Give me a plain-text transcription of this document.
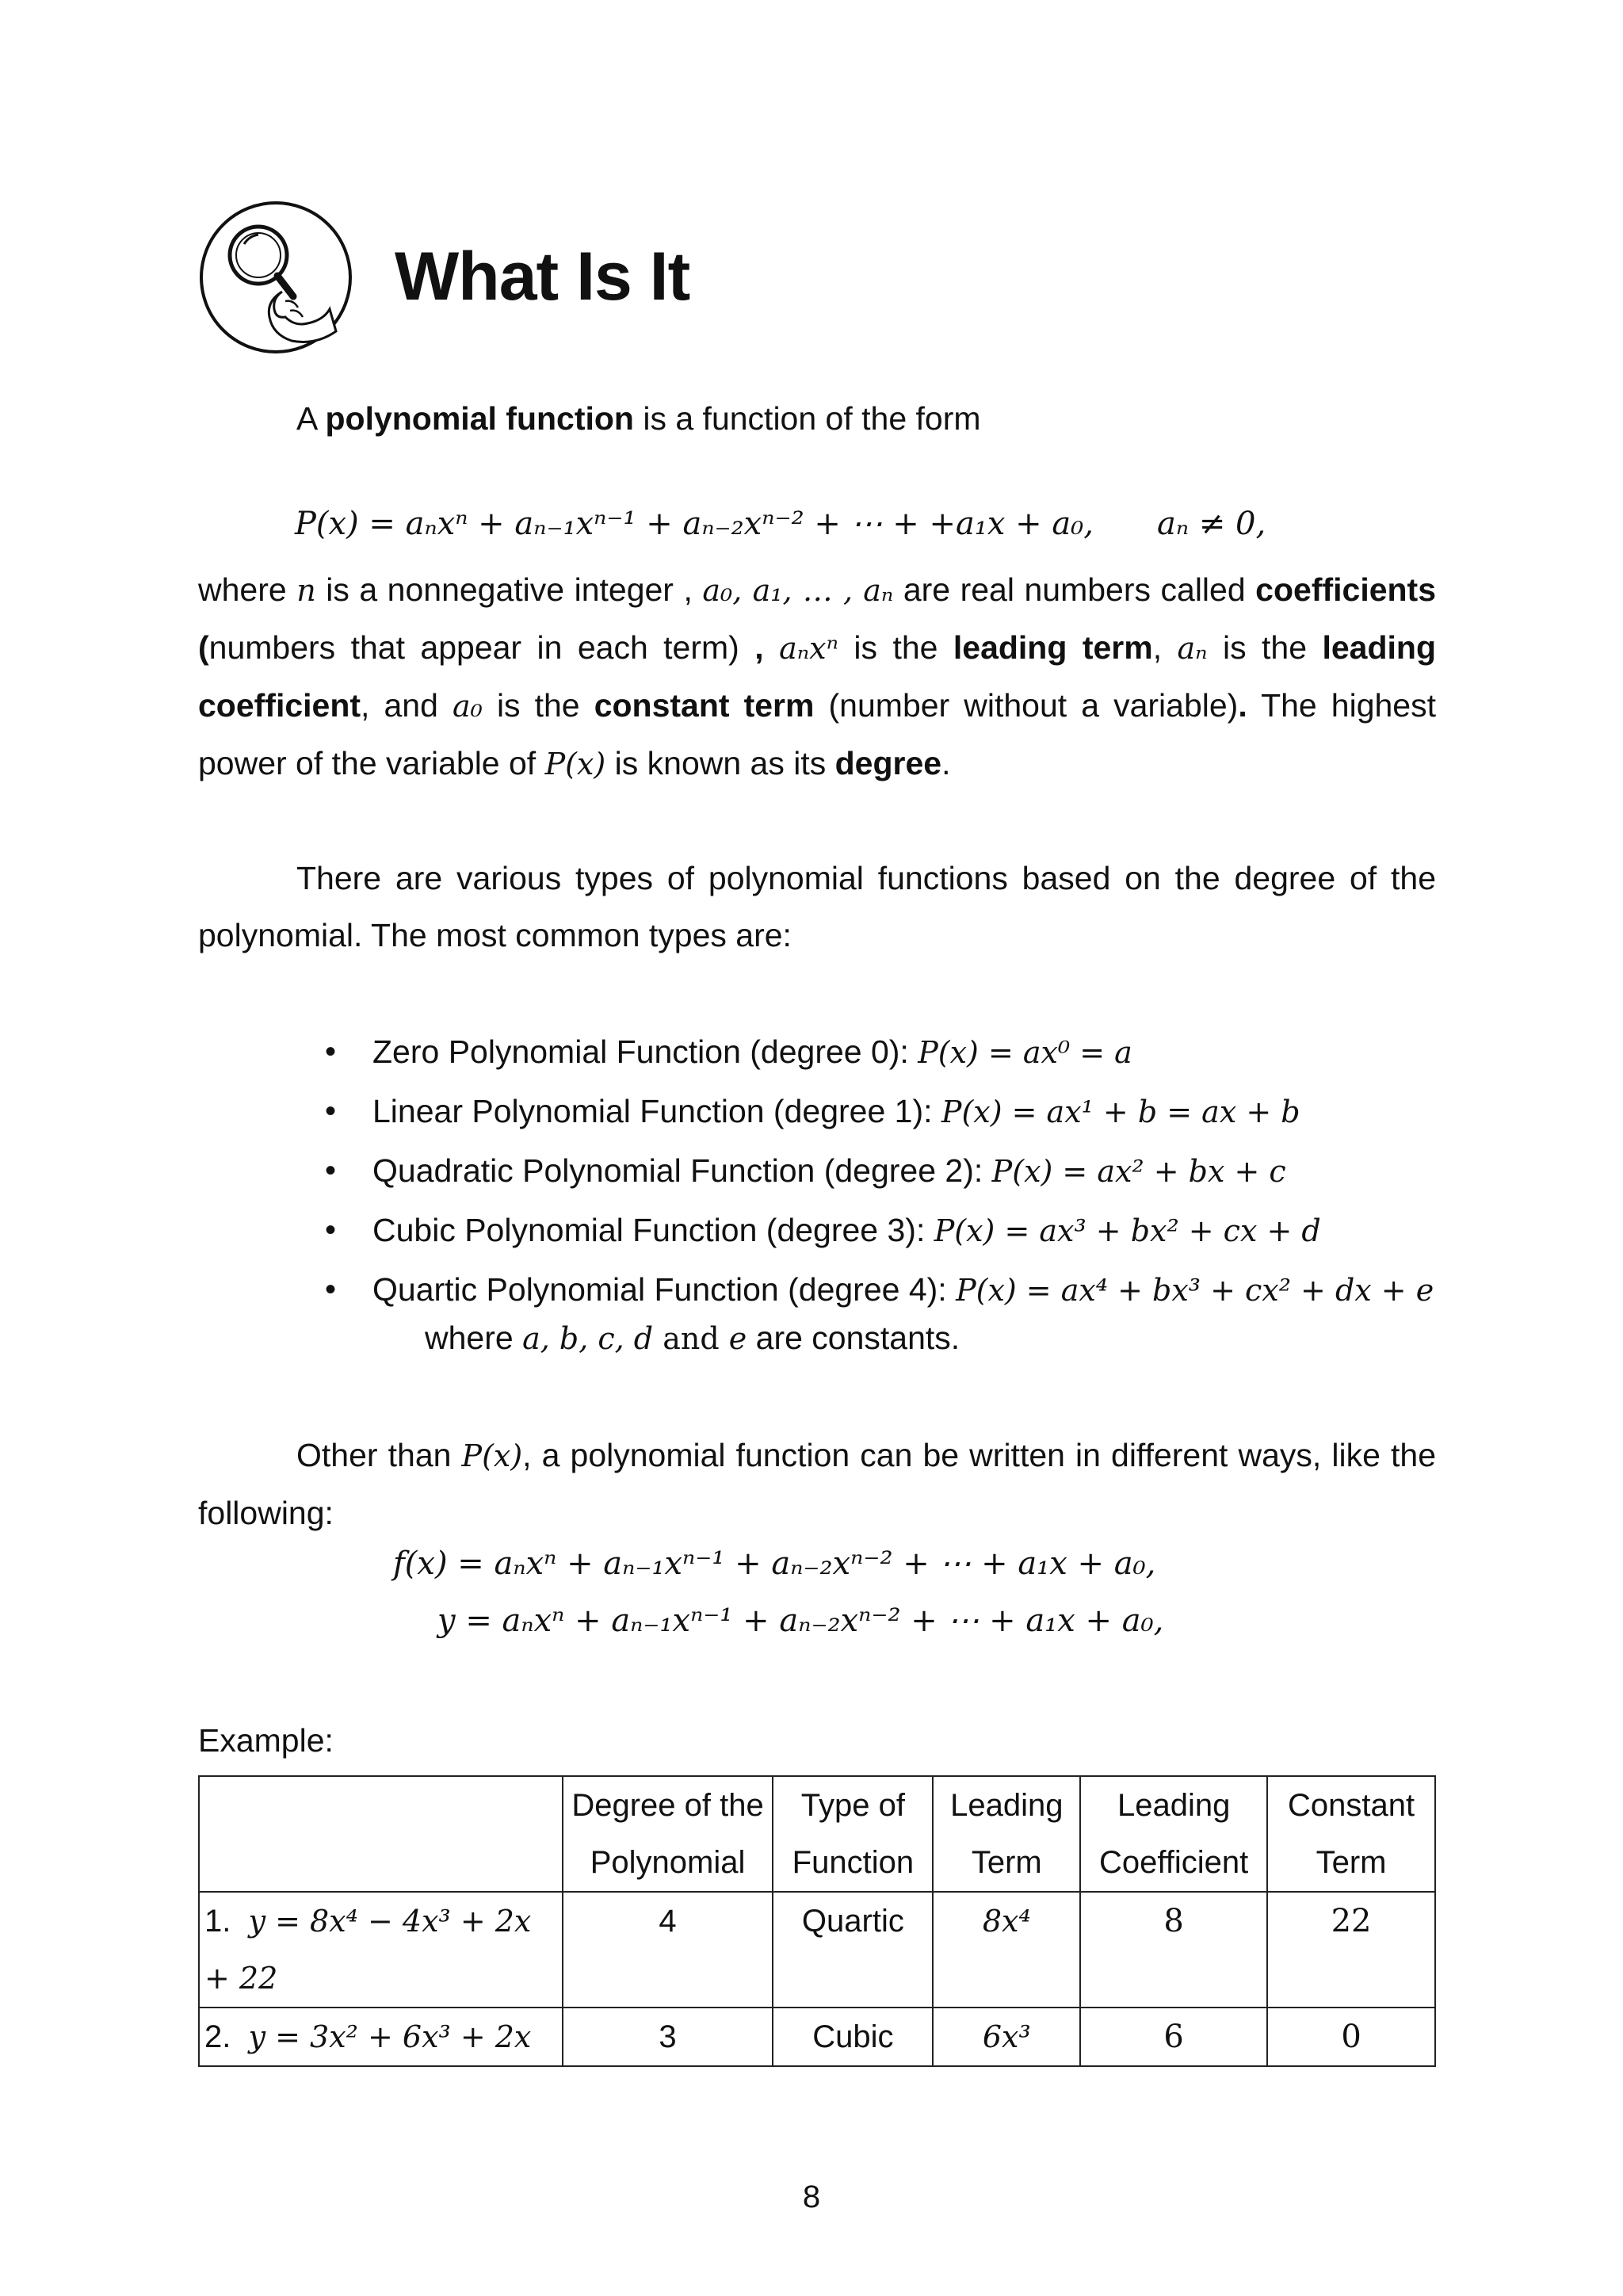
What Is It

A polynomial function is a function of the form

P(x) = aₙxⁿ + aₙ₋₁xⁿ⁻¹ + aₙ₋₂xⁿ⁻² + ⋯ + +a₁x + a₀, aₙ ≠ 0,

where n is a nonnegative integer , a₀, a₁, … , aₙ are real numbers called coefficients (numbers that appear in each term) , aₙxⁿ is the leading term, aₙ is the leading coefficient, and a₀ is the constant term (number without a variable). The highest power of the variable of P(x) is known as its degree.

There are various types of polynomial functions based on the degree of the polynomial. The most common types are:

• Zero Polynomial Function (degree 0): P(x) = ax⁰ = a
• Linear Polynomial Function (degree 1): P(x) = ax¹ + b = ax + b
• Quadratic Polynomial Function (degree 2): P(x) = ax² + bx + c
• Cubic Polynomial Function (degree 3): P(x) = ax³ + bx² + cx + d
• Quartic Polynomial Function (degree 4): P(x) = ax⁴ + bx³ + cx² + dx + e
where a, b, c, d and e are constants.

Other than P(x), a polynomial function can be written in different ways, like the following:

f(x) = aₙxⁿ + aₙ₋₁xⁿ⁻¹ + aₙ₋₂xⁿ⁻² + ⋯ + a₁x + a₀,
y = aₙxⁿ + aₙ₋₁xⁿ⁻¹ + aₙ₋₂xⁿ⁻² + ⋯ + a₁x + a₀,

Example:

	Degree of the Polynomial	Type of Function	Leading Term	Leading Coefficient	Constant Term
1. y = 8x⁴ − 4x³ + 2x + 22	4	Quartic	8x⁴	8	22
2. y = 3x² + 6x³ + 2x	3	Cubic	6x³	6	0
8
